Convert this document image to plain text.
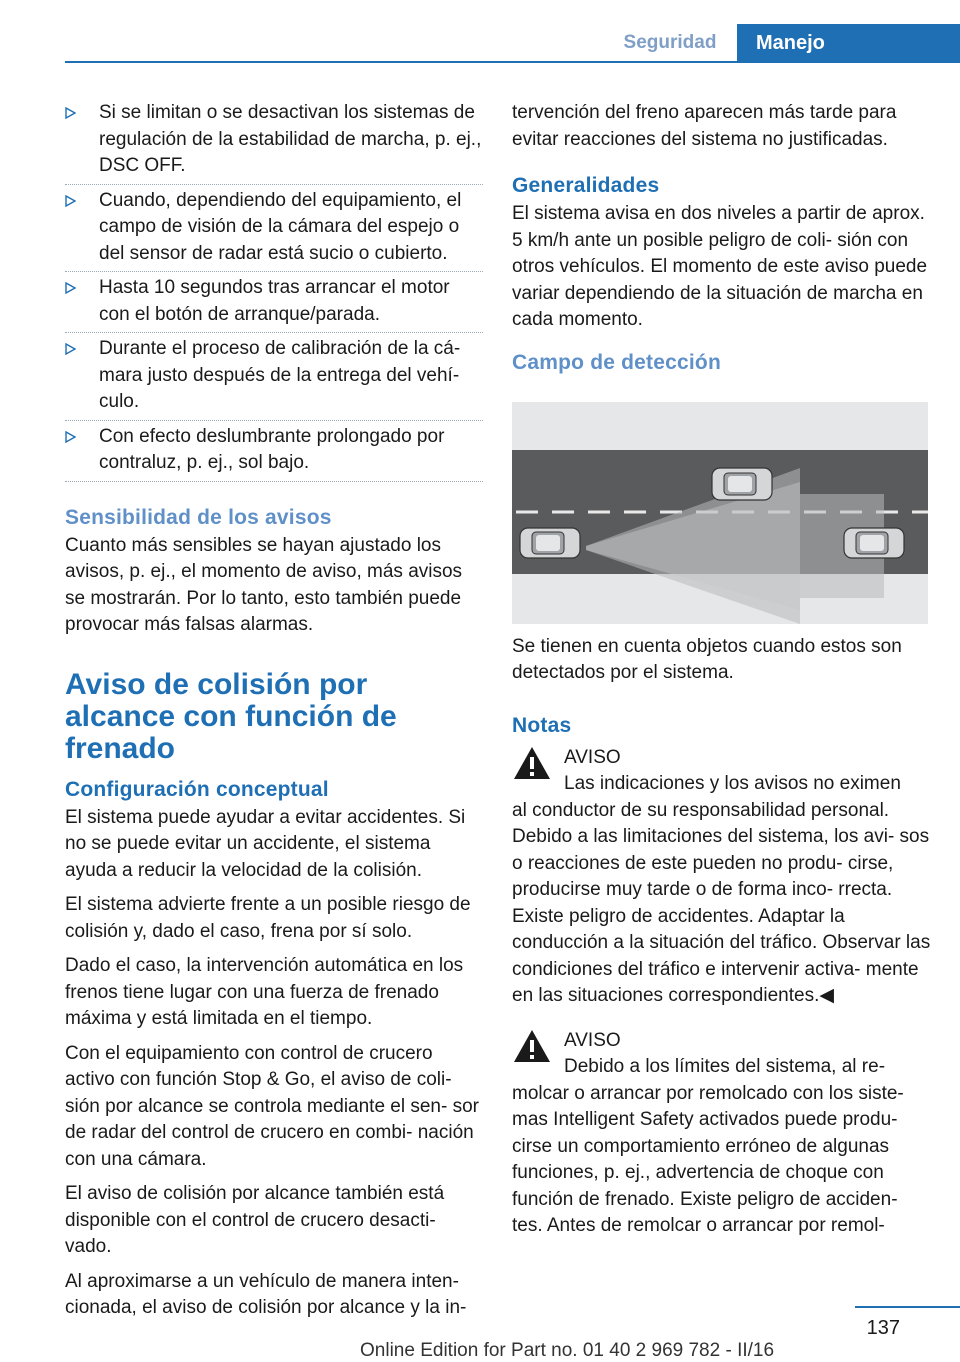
Seguridad	Manejo
Si se limitan o se desactivan los sistemas de regulación de la estabilidad de marcha, p. ej., DSC OFF.
Cuando, dependiendo del equipamiento, el campo de visión de la cámara del espejo o del sensor de radar está sucio o cubierto.
Hasta 10 segundos tras arrancar el motor con el botón de arranque/parada.
Durante el proceso de calibración de la cá‐ mara justo después de la entrega del vehí‐ culo.
Con efecto deslumbrante prolongado por contraluz, p. ej., sol bajo.
Sensibilidad de los avisos

Cuanto más sensibles se hayan ajustado los avisos, p. ej., el momento de aviso, más avisos se mostrarán. Por lo tanto, esto también puede provocar más falsas alarmas.

Aviso de colisión por alcance con función de frenado
Configuración conceptual

El sistema puede ayudar a evitar accidentes. Si no se puede evitar un accidente, el sistema ayuda a reducir la velocidad de la colisión.

El sistema advierte frente a un posible riesgo de colisión y, dado el caso, frena por sí solo.

Dado el caso, la intervención automática en los frenos tiene lugar con una fuerza de frenado máxima y está limitada en el tiempo.

Con el equipamiento con control de crucero activo con función Stop & Go, el aviso de coli‐ sión por alcance se controla mediante el sen‐ sor de radar del control de crucero en combi‐ nación con una cámara.

El aviso de colisión por alcance también está disponible con el control de crucero desacti‐ vado.

Al aproximarse a un vehículo de manera inten‐ cionada, el aviso de colisión por alcance y la in‐

tervención del freno aparecen más tarde para evitar reacciones del sistema no justificadas.

Generalidades

El sistema avisa en dos niveles a partir de aprox. 5 km/h ante un posible peligro de coli‐ sión con otros vehículos. El momento de este aviso puede variar dependiendo de la situación de marcha en cada momento.

Campo de detección

Se tienen en cuenta objetos cuando estos son detectados por el sistema.

Notas
AVISO
Las indicaciones y los avisos no eximen

al conductor de su responsabilidad personal. Debido a las limitaciones del sistema, los avi‐ sos o reacciones de este pueden no produ‐ cirse, producirse muy tarde o de forma inco‐ rrecta. Existe peligro de accidentes. Adaptar la conducción a la situación del tráfico. Observar las condiciones del tráfico e intervenir activa‐ mente en las situaciones correspondientes.◀

AVISO
Debido a los límites del sistema, al re‐

molcar o arrancar por remolcado con los siste‐ mas Intelligent Safety activados puede produ‐ cirse un comportamiento erróneo de algunas funciones, p. ej., advertencia de choque con función de frenado. Existe peligro de acciden‐ tes. Antes de remolcar o arrancar por remol‐

137
Online Edition for Part no. 01 40 2 969 782 - II/16
